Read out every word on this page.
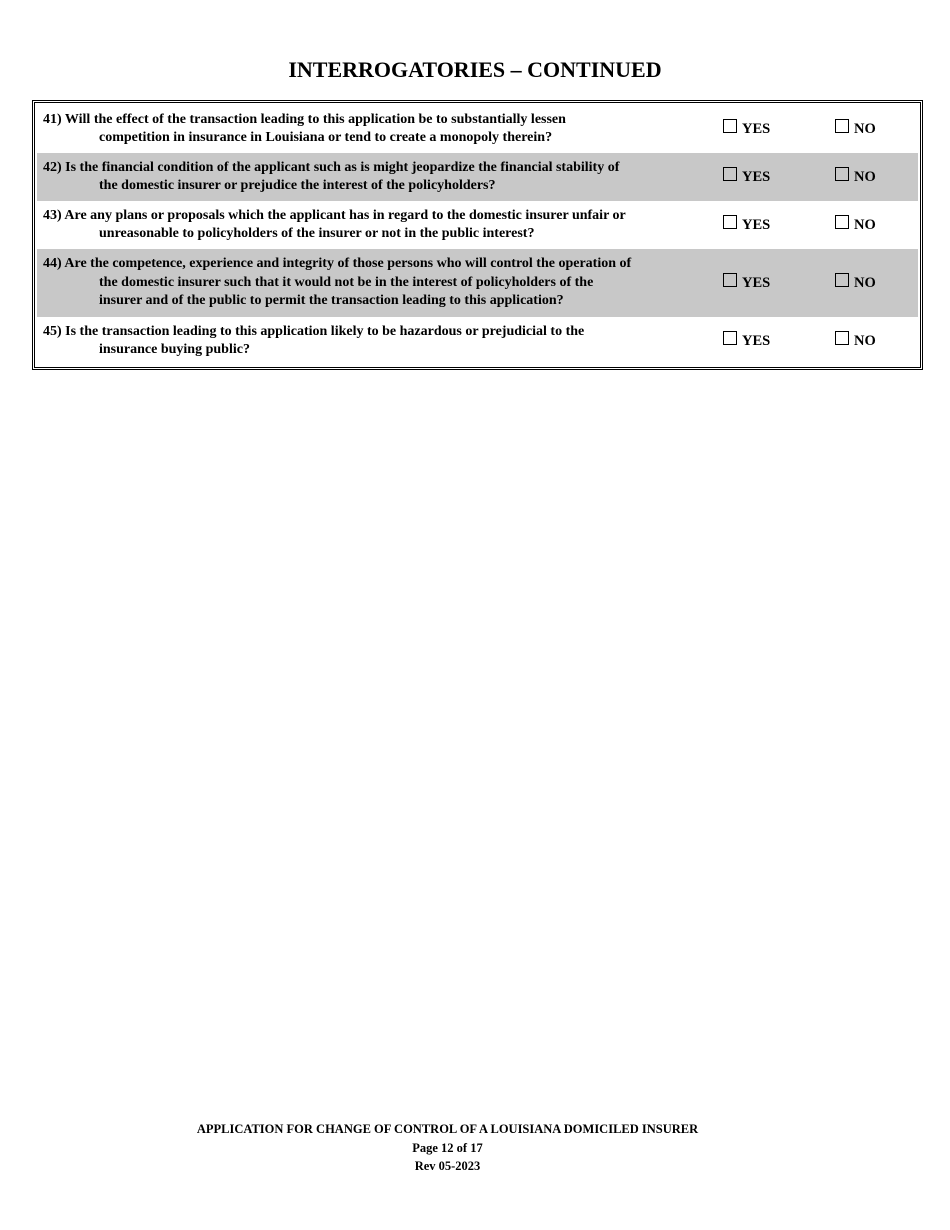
INTERROGATORIES – CONTINUED
41) Will the effect of the transaction leading to this application be to substantially lessen
competition in insurance in Louisiana or tend to create a monopoly therein?
YES	NO
42) Is the financial condition of the applicant such as is might jeopardize the financial stability of
the domestic insurer or prejudice the interest of the policyholders?
YES	NO
43) Are any plans or proposals which the applicant has in regard to the domestic insurer unfair or
unreasonable to policyholders of the insurer or not in the public interest?
YES	NO
44) Are the competence, experience and integrity of those persons who will control the operation of
the domestic insurer such that it would not be in the interest of policyholders of the
insurer and of the public to permit the transaction leading to this application?
YES	NO
45) Is the transaction leading to this application likely to be hazardous or prejudicial to the
insurance buying public?
YES	NO
APPLICATION FOR CHANGE OF CONTROL OF A LOUISIANA DOMICILED INSURER
Page 12 of 17
Rev 05-2023
